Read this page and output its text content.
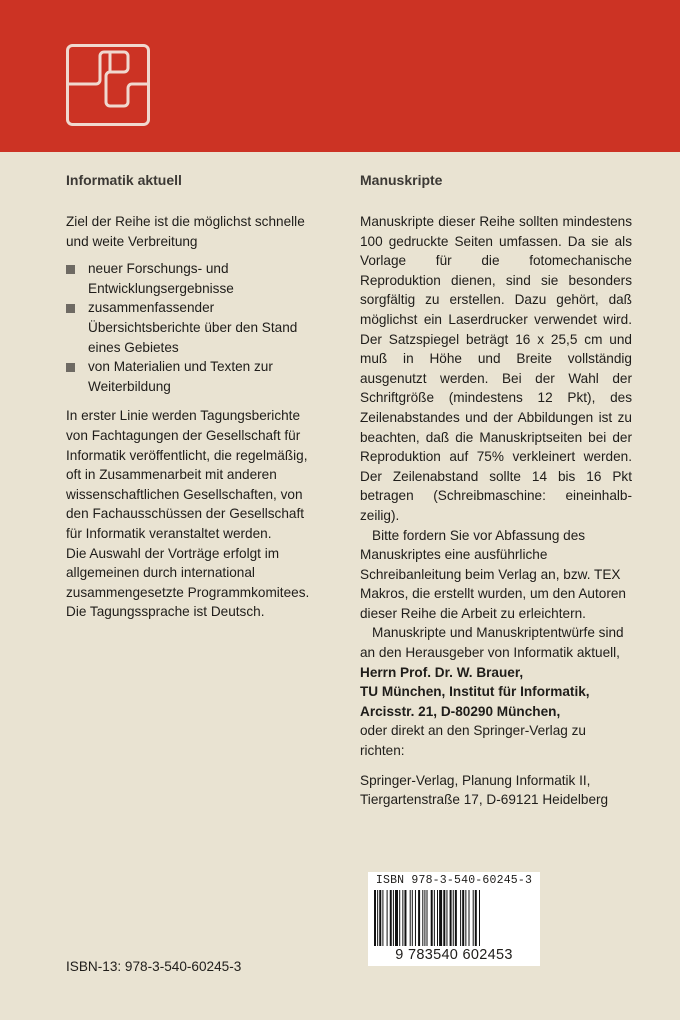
Informatik aktuell

Ziel der Reihe ist die möglichst schnelle und weite Verbreitung

neuer Forschungs- und Entwicklungsergebnisse
zusammenfassender Übersichtsberichte über den Stand eines Gebietes
von Materialien und Texten zur Weiterbildung

In erster Linie werden Tagungsberichte von Fachtagungen der Gesellschaft für Informatik veröffentlicht, die regelmäßig, oft in Zusammenarbeit mit anderen wissenschaftlichen Gesellschaften, von den Fachausschüssen der Gesellschaft für Informatik veranstaltet werden.

Die Auswahl der Vorträge erfolgt im allgemeinen durch international zusammengesetzte Programmkomitees.

Die Tagungssprache ist Deutsch.

Manuskripte

Manuskripte dieser Reihe sollten mindestens 100 gedruckte Seiten umfassen. Da sie als Vorlage für die fotomechanische Reproduktion dienen, sind sie besonders sorgfältig zu erstellen. Dazu gehört, daß möglichst ein Laserdrucker verwendet wird. Der Satzspiegel beträgt 16 x 25,5 cm und muß in Höhe und Breite vollständig ausgenutzt werden. Bei der Wahl der Schriftgröße (mindestens 12 Pkt), des Zeilenabstandes und der Abbildungen ist zu beachten, daß die Manuskriptseiten bei der Reproduktion auf 75% verkleinert werden. Der Zeilenabstand sollte 14 bis 16 Pkt betragen (Schreibmaschine: eineinhalb-zeilig).

Bitte fordern Sie vor Abfassung des Manuskriptes eine ausführliche Schreibanleitung beim Verlag an, bzw. TEX Makros, die erstellt wurden, um den Autoren dieser Reihe die Arbeit zu erleichtern.

Manuskripte und Manuskriptentwürfe sind an den Herausgeber von Informatik aktuell,

Herrn Prof. Dr. W. Brauer,

TU München, Institut für Informatik,

Arcisstr. 21, D-80290 München,

oder direkt an den Springer-Verlag zu richten:

Springer-Verlag, Planung Informatik II,

Tiergartenstraße 17, D-69121 Heidelberg

ISBN 978-3-540-60245-3
9 783540 602453
ISBN-13: 978-3-540-60245-3
